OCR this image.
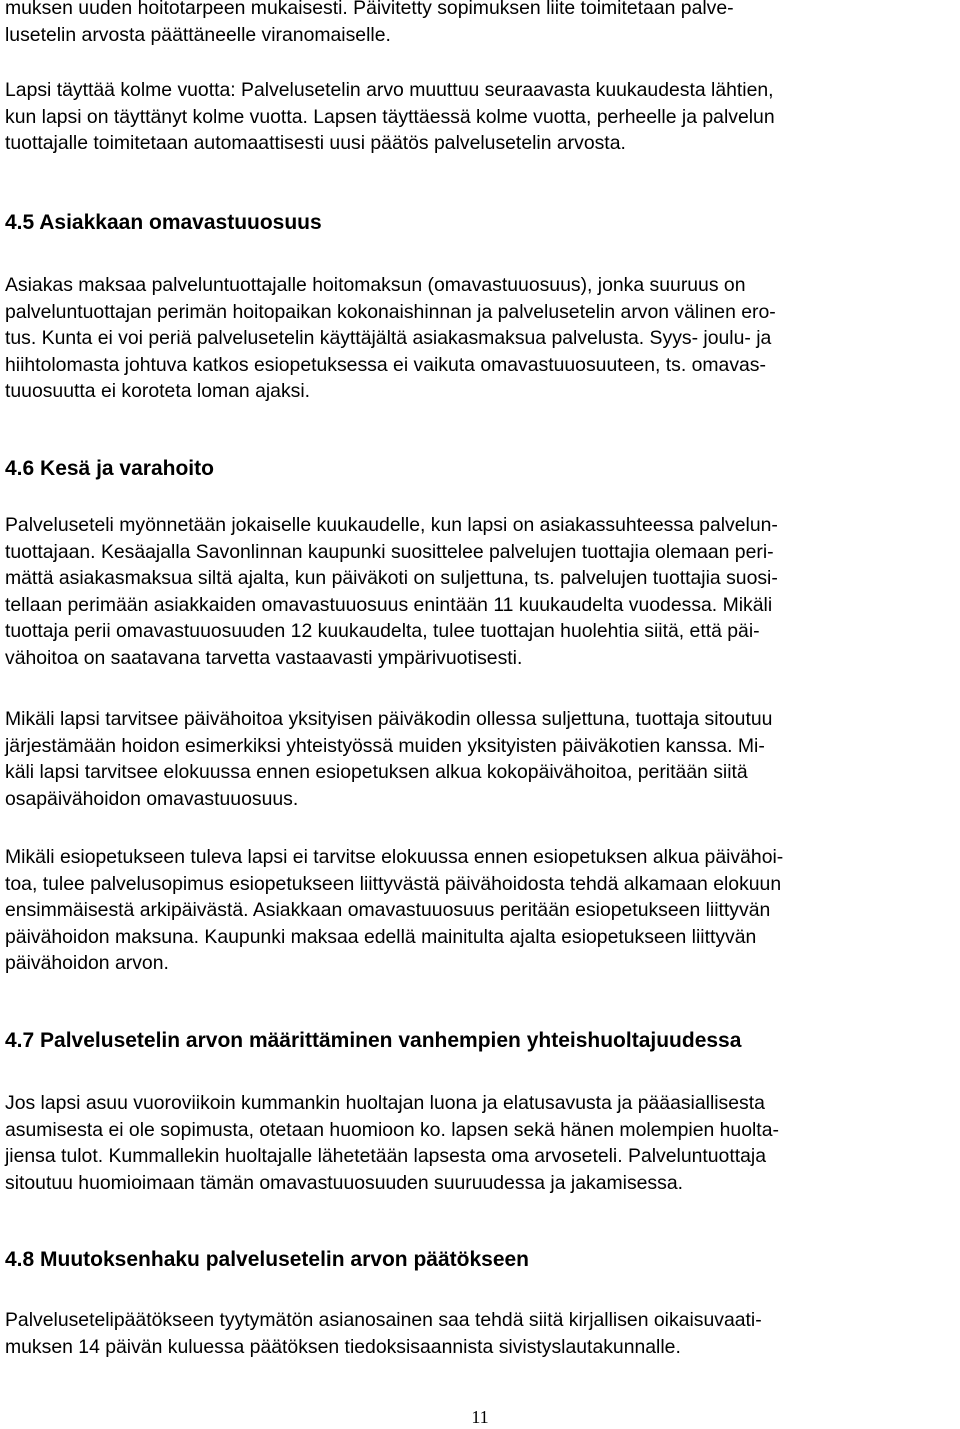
muksen uuden hoitotarpeen mukaisesti. Päivitetty sopimuksen liite toimitetaan palve-
lusetelin arvosta päättäneelle viranomaiselle.
Lapsi täyttää kolme vuotta: Palvelusetelin arvo muuttuu seuraavasta kuukaudesta lähtien,
kun lapsi on täyttänyt kolme vuotta. Lapsen täyttäessä kolme vuotta, perheelle ja palvelun
tuottajalle toimitetaan automaattisesti uusi päätös palvelusetelin arvosta.
4.5 Asiakkaan omavastuuosuus
Asiakas maksaa palveluntuottajalle hoitomaksun (omavastuuosuus), jonka suuruus on
palveluntuottajan perimän hoitopaikan kokonaishinnan ja palvelusetelin arvon välinen ero-
tus. Kunta ei voi periä palvelusetelin käyttäjältä asiakasmaksua palvelusta. Syys- joulu- ja
hiihtolomasta johtuva katkos esiopetuksessa ei vaikuta omavastuuosuuteen, ts. omavas-
tuuosuutta ei koroteta loman ajaksi.
4.6 Kesä ja varahoito
Palveluseteli myönnetään jokaiselle kuukaudelle, kun lapsi on asiakassuhteessa palvelun-
tuottajaan. Kesäajalla Savonlinnan kaupunki suosittelee palvelujen tuottajia olemaan peri-
mättä asiakasmaksua siltä ajalta, kun päiväkoti on suljettuna, ts. palvelujen tuottajia suosi-
tellaan perimään asiakkaiden omavastuuosuus enintään 11 kuukaudelta vuodessa. Mikäli
tuottaja perii omavastuuosuuden 12 kuukaudelta, tulee tuottajan huolehtia siitä, että päi-
vähoitoa on saatavana tarvetta vastaavasti ympärivuotisesti.
Mikäli lapsi tarvitsee päivähoitoa yksityisen päiväkodin ollessa suljettuna, tuottaja sitoutuu
järjestämään hoidon esimerkiksi yhteistyössä muiden yksityisten päiväkotien kanssa. Mi-
käli lapsi tarvitsee elokuussa ennen esiopetuksen alkua kokopäivähoitoa, peritään siitä
osapäivähoidon omavastuuosuus.
Mikäli esiopetukseen tuleva lapsi ei tarvitse elokuussa ennen esiopetuksen alkua päivähoi-
toa, tulee palvelusopimus esiopetukseen liittyvästä päivähoidosta tehdä alkamaan elokuun
ensimmäisestä arkipäivästä. Asiakkaan omavastuuosuus peritään esiopetukseen liittyvän
päivähoidon maksuna. Kaupunki maksaa edellä mainitulta ajalta esiopetukseen liittyvän
päivähoidon arvon.
4.7 Palvelusetelin arvon määrittäminen vanhempien yhteishuoltajuudessa
Jos lapsi asuu vuoroviikoin kummankin huoltajan luona ja elatusavusta ja pääasiallisesta
asumisesta ei ole sopimusta, otetaan huomioon ko. lapsen sekä hänen molempien huolta-
jiensa tulot. Kummallekin huoltajalle lähetetään lapsesta oma arvoseteli. Palveluntuottaja
sitoutuu huomioimaan tämän omavastuuosuuden suuruudessa ja jakamisessa.
4.8 Muutoksenhaku palvelusetelin arvon päätökseen
Palvelusetelipäätökseen tyytymätön asianosainen saa tehdä siitä kirjallisen oikaisuvaati-
muksen 14 päivän kuluessa päätöksen tiedoksisaannista sivistyslautakunnalle.
11
